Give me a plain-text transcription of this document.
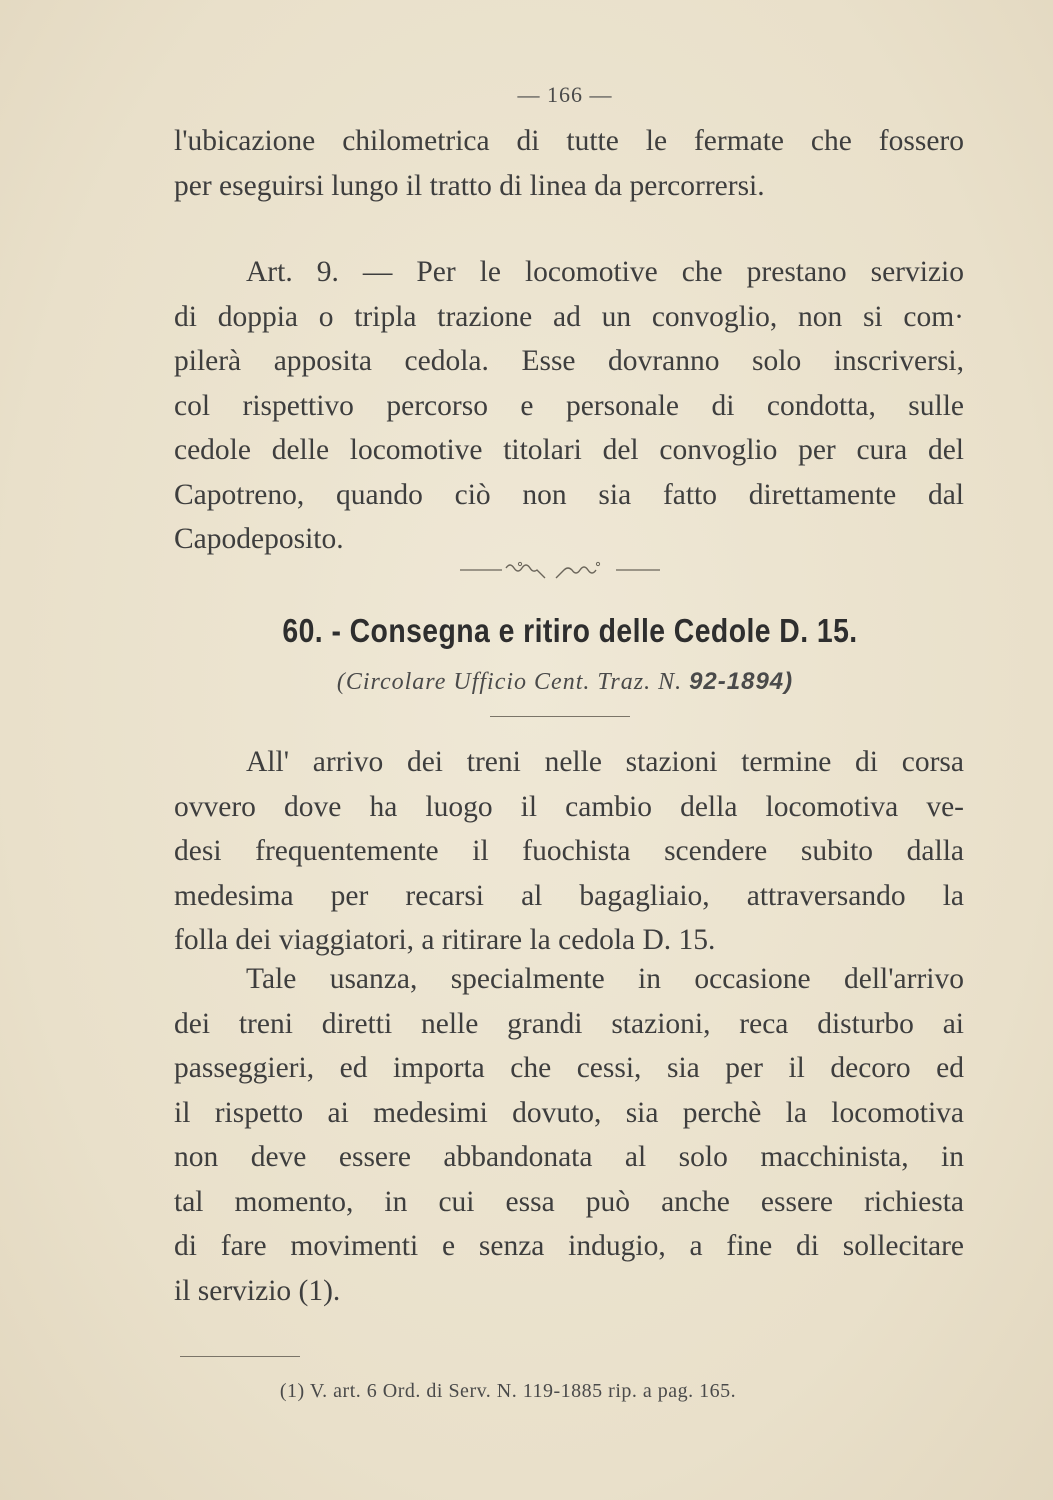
— 166 —
l'ubicazione chilometrica di tutte le fermate che fossero
per eseguirsi lungo il tratto di linea da percorrersi.
Art. 9. — Per le locomotive che prestano servizio
di doppia o tripla trazione ad un convoglio, non si com·
pilerà apposita cedola. Esse dovranno solo inscriversi,
col rispettivo percorso e personale di condotta, sulle
cedole delle locomotive titolari del convoglio per cura del
Capotreno, quando ciò non sia fatto direttamente dal
Capodeposito.
60. - Consegna e ritiro delle Cedole D. 15.
(Circolare Ufficio Cent. Traz. N. 92-1894)
All' arrivo dei treni nelle stazioni termine di corsa
ovvero dove ha luogo il cambio della locomotiva ve-
desi frequentemente il fuochista scendere subito dalla
medesima per recarsi al bagagliaio, attraversando la
folla dei viaggiatori, a ritirare la cedola D. 15.
Tale usanza, specialmente in occasione dell'arrivo
dei treni diretti nelle grandi stazioni, reca disturbo ai
passeggieri, ed importa che cessi, sia per il decoro ed
il rispetto ai medesimi dovuto, sia perchè la locomotiva
non deve essere abbandonata al solo macchinista, in
tal momento, in cui essa può anche essere richiesta
di fare movimenti e senza indugio, a fine di sollecitare
il servizio (1).
(1) V. art. 6 Ord. di Serv. N. 119-1885 rip. a pag. 165.
